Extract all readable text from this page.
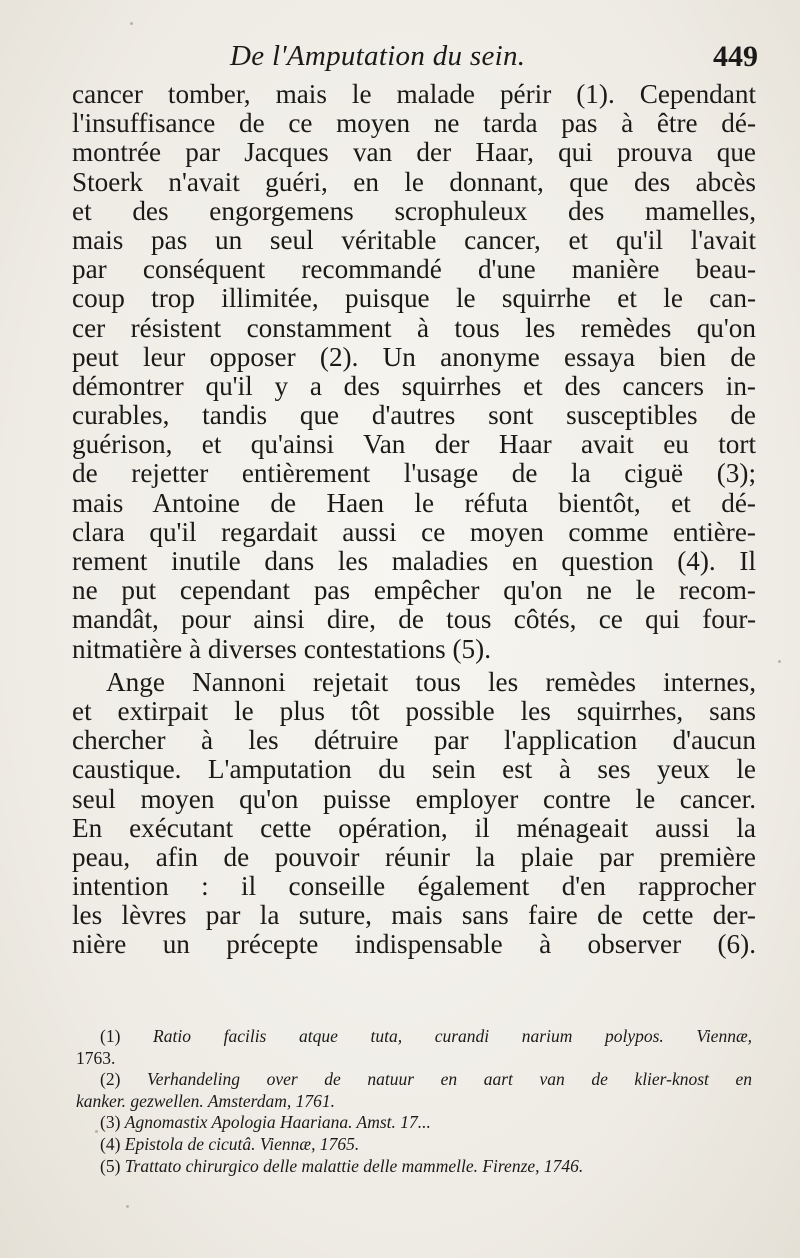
De l'Amputation du sein.	449
cancer tomber, mais le malade périr (1). Cependant
l'insuffisance de ce moyen ne tarda pas à être dé-
montrée par Jacques van der Haar, qui prouva que
Stoerk n'avait guéri, en le donnant, que des abcès
et des engorgemens scrophuleux des mamelles,
mais pas un seul véritable cancer, et qu'il l'avait
par conséquent recommandé d'une manière beau-
coup trop illimitée, puisque le squirrhe et le can-
cer résistent constamment à tous les remèdes qu'on
peut leur opposer (2). Un anonyme essaya bien de
démontrer qu'il y a des squirrhes et des cancers in-
curables, tandis que d'autres sont susceptibles de
guérison, et qu'ainsi Van der Haar avait eu tort
de rejetter entièrement l'usage de la ciguë (3);
mais Antoine de Haen le réfuta bientôt, et dé-
clara qu'il regardait aussi ce moyen comme entière-
rement inutile dans les maladies en question (4). Il
ne put cependant pas empêcher qu'on ne le recom-
mandât, pour ainsi dire, de tous côtés, ce qui four-
nitmatière à diverses contestations (5).
Ange Nannoni rejetait tous les remèdes internes,
et extirpait le plus tôt possible les squirrhes, sans
chercher à les détruire par l'application d'aucun
caustique. L'amputation du sein est à ses yeux le
seul moyen qu'on puisse employer contre le cancer.
En exécutant cette opération, il ménageait aussi la
peau, afin de pouvoir réunir la plaie par première
intention : il conseille également d'en rapprocher
les lèvres par la suture, mais sans faire de cette der-
nière un précepte indispensable à observer (6).
(1) Ratio facilis atque tuta, curandi narium polypos. Viennæ,
1763.
(2) Verhandeling over de natuur en aart van de klier-knost en
kanker. gezwellen. Amsterdam, 1761.
(3) Agnomastix Apologia Haariana. Amst. 17...
(4) Epistola de cicutâ. Viennæ, 1765.
(5) Trattato chirurgico delle malattie delle mammelle. Firenze, 1746.
